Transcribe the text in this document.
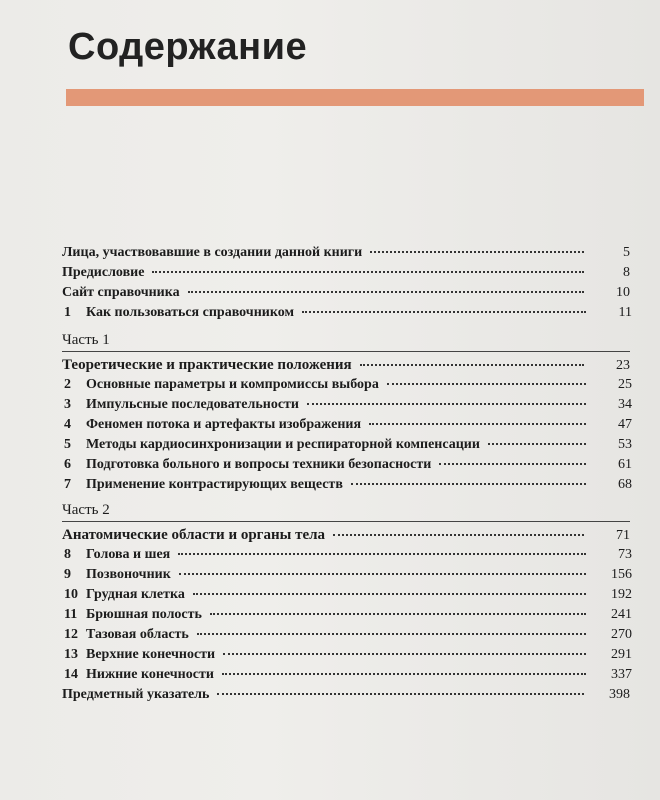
Содержание
Лица, участвовавшие в создании данной книги	5
Предисловие	8
Сайт справочника	10
1	Как пользоваться справочником	11
Часть 1
Теоретические и практические положения	23
2	Основные параметры и компромиссы выбора	25
3	Импульсные последовательности	34
4	Феномен потока и артефакты изображения	47
5	Методы кардиосинхронизации и респираторной компенсации	53
6	Подготовка больного и вопросы техники безопасности	61
7	Применение контрастирующих веществ	68
Часть 2
Анатомические области и органы тела	71
8	Голова и шея	73
9	Позвоночник	156
10 Грудная клетка	192
11 Брюшная полость	241
12 Тазовая область	270
13 Верхние конечности	291
14 Нижние конечности	337
Предметный указатель	398
